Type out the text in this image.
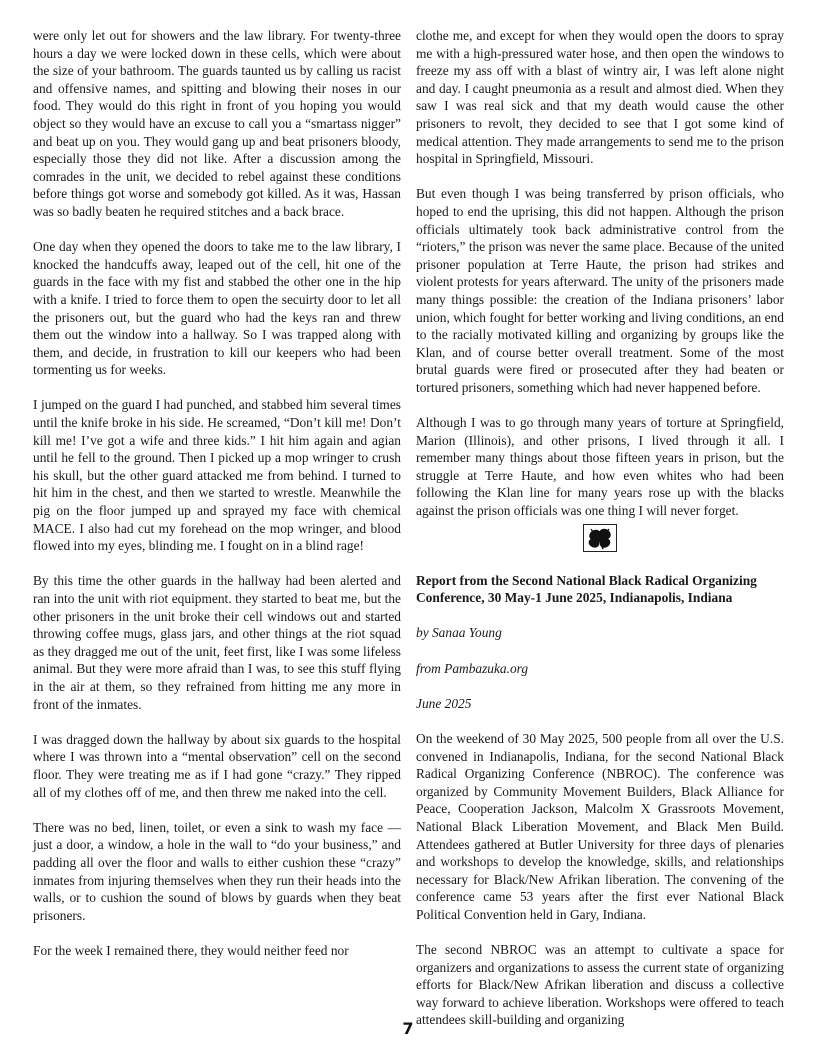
were only let out for showers and the law library. For twenty-three hours a day we were locked down in these cells, which were about the size of your bathroom. The guards taunted us by calling us racist and offensive names, and spitting and blowing their noses in our food. They would do this right in front of you hoping you would object so they would have an excuse to call you a “smartass nigger” and beat up on you. They would gang up and beat prisoners bloody, especially those they did not like. After a discussion among the comrades in the unit, we decided to rebel against these conditions before things got worse and somebody got killed. As it was, Hassan was so badly beaten he required stitches and a back brace.

One day when they opened the doors to take me to the law library, I knocked the handcuffs away, leaped out of the cell, hit one of the guards in the face with my fist and stabbed the other one in the hip with a knife. I tried to force them to open the secuirty door to let all the prisoners out, but the guard who had the keys ran and threw them out the window into a hallway. So I was trapped along with them, and decide, in frustration to kill our keepers who had been tormenting us for weeks.

I jumped on the guard I had punched, and stabbed him several times until the knife broke in his side. He screamed, “Don’t kill me! Don’t kill me! I’ve got a wife and three kids.” I hit him again and agian until he fell to the ground. Then I picked up a mop wringer to crush his skull, but the other guard attacked me from behind. I turned to hit him in the chest, and then we started to wrestle. Meanwhile the pig on the floor jumped up and sprayed my face with chemical MACE. I also had cut my forehead on the mop wringer, and blood flowed into my eyes, blinding me. I fought on in a blind rage!

By this time the other guards in the hallway had been alerted and ran into the unit with riot equipment. they started to beat me, but the other prisoners in the unit broke their cell windows out and started throwing coffee mugs, glass jars, and other things at the riot squad as they dragged me out of the unit, feet first, like I was some lifeless animal. But they were more afraid than I was, to see this stuff flying in the air at them, so they refrained from hitting me any more in front of the inmates.

I was dragged down the hallway by about six guards to the hospital where I was thrown into a “mental observation” cell on the second floor. They were treating me as if I had gone “crazy.” They ripped all of my clothes off of me, and then threw me naked into the cell.

There was no bed, linen, toilet, or even a sink to wash my face — just a door, a window, a hole in the wall to “do your business,” and padding all over the floor and walls to either cushion these “crazy” inmates from injuring themselves when they run their heads into the walls, or to cushion the sound of blows by guards when they beat prisoners.

For the week I remained there, they would neither feed nor

clothe me, and except for when they would open the doors to spray me with a high-pressured water hose, and then open the windows to freeze my ass off with a blast of wintry air, I was left alone night and day. I caught pneumonia as a result and almost died. When they saw I was real sick and that my death would cause the other prisoners to revolt, they decided to see that I got some kind of medical attention. They made arrangements to send me to the prison hospital in Springfield, Missouri.

But even though I was being transferred by prison officials, who hoped to end the uprising, this did not happen. Although the prison officials ultimately took back administrative control from the “rioters,” the prison was never the same place. Because of the united prisoner population at Terre Haute, the prison had strikes and violent protests for years afterward. The unity of the prisoners made many things possible: the creation of the Indiana prisoners’ labor union, which fought for better working and living conditions, an end to the racially motivated killing and organizing by groups like the Klan, and of course better overall treatment. Some of the most brutal guards were fired or prosecuted after they had beaten or tortured prisoners, something which had never happened before.

Although I was to go through many years of torture at Springfield, Marion (Illinois), and other prisons, I lived through it all. I remember many things about those fifteen years in prison, but the struggle at Terre Haute, and how even whites who had been following the Klan line for many years rose up with the blacks against the prison officials was one thing I will never forget.

Report from the Second National Black Radical Organizing Conference, 30 May-1 June 2025, Indianapolis, Indiana

by Sanaa Young

from Pambazuka.org

June 2025

On the weekend of 30 May 2025, 500 people from all over the U.S. convened in Indianapolis, Indiana, for the second National Black Radical Organizing Conference (NBROC). The conference was organized by Community Movement Builders, Black Alliance for Peace, Cooperation Jackson, Malcolm X Grassroots Movement, National Black Liberation Movement, and Black Men Build. Attendees gathered at Butler University for three days of plenaries and workshops to develop the knowledge, skills, and relationships necessary for Black/New Afrikan liberation. The convening of the conference came 53 years after the first ever National Black Political Convention held in Gary, Indiana.

The second NBROC was an attempt to cultivate a space for organizers and organizations to assess the current state of organizing efforts for Black/New Afrikan liberation and discuss a collective way forward to achieve liberation. Workshops were offered to teach attendees skill-building and organizing

7
